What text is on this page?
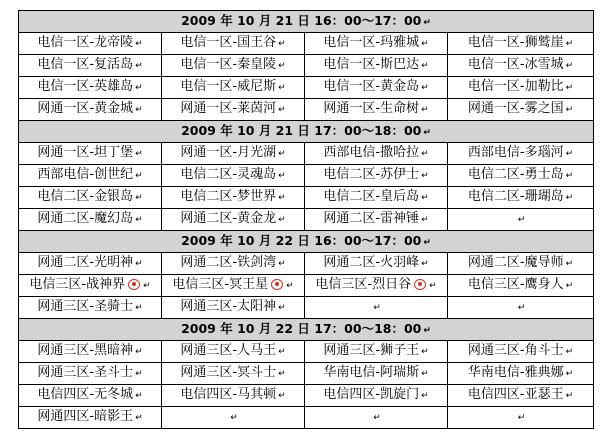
2009 年 10 月 21 日 16：00～17：00 ↵			
电信一区-龙帝陵 ↵	电信一区-国王谷 ↵	电信一区-玛雅城 ↵	电信一区-狮鹫崖 ↵
电信一区-复活岛 ↵	电信一区-秦皇陵 ↵	电信一区-斯巴达 ↵	电信一区-冰雪城 ↵
电信一区-英雄岛 ↵	电信一区-威尼斯 ↵	电信一区-黄金岛 ↵	电信一区-加勒比 ↵
网通一区-黄金城 ↵	网通一区-莱茵河 ↵	网通一区-生命树 ↵	网通一区-雾之国 ↵
2009 年 10 月 21 日 17：00～18：00 ↵			
网通一区-坦丁堡 ↵	网通一区-月光湖 ↵	西部电信-撒哈拉 ↵	西部电信-多瑙河 ↵
西部电信-创世纪 ↵	电信二区-灵魂岛 ↵	电信二区-苏伊士 ↵	电信二区-勇士岛 ↵
电信二区-金银岛 ↵	电信二区-梦世界 ↵	电信二区-皇后岛 ↵	电信二区-珊瑚岛 ↵
网通二区-魔幻岛 ↵	网通二区-黄金龙 ↵	网通二区-雷神锤 ↵	↵
2009 年 10 月 22 日 16：00～17：00 ↵			
网通二区-光明神 ↵	网通二区-铁剑湾 ↵	网通二区-火羽峰 ↵	网通二区-魔导师 ↵
电信三区-战神界 ↵	电信三区-冥王星 ↵	电信三区-烈日谷 ↵	电信三区-鹰身人 ↵
网通三区-圣骑士 ↵	网通三区-太阳神 ↵	↵	↵
2009 年 10 月 22 日 17：00～18：00 ↵			
网通三区-黑暗神 ↵	网通三区-人马王 ↵	网通三区-狮子王 ↵	网通三区-角斗士 ↵
网通三区-圣斗士 ↵	网通三区-冥斗士 ↵	华南电信-阿瑞斯 ↵	华南电信-雅典娜 ↵
电信四区-无冬城 ↵	电信四区-马其顿 ↵	电信四区-凯旋门 ↵	电信四区-亚瑟王 ↵
网通四区-暗影王 ↵	↵	↵	↵
